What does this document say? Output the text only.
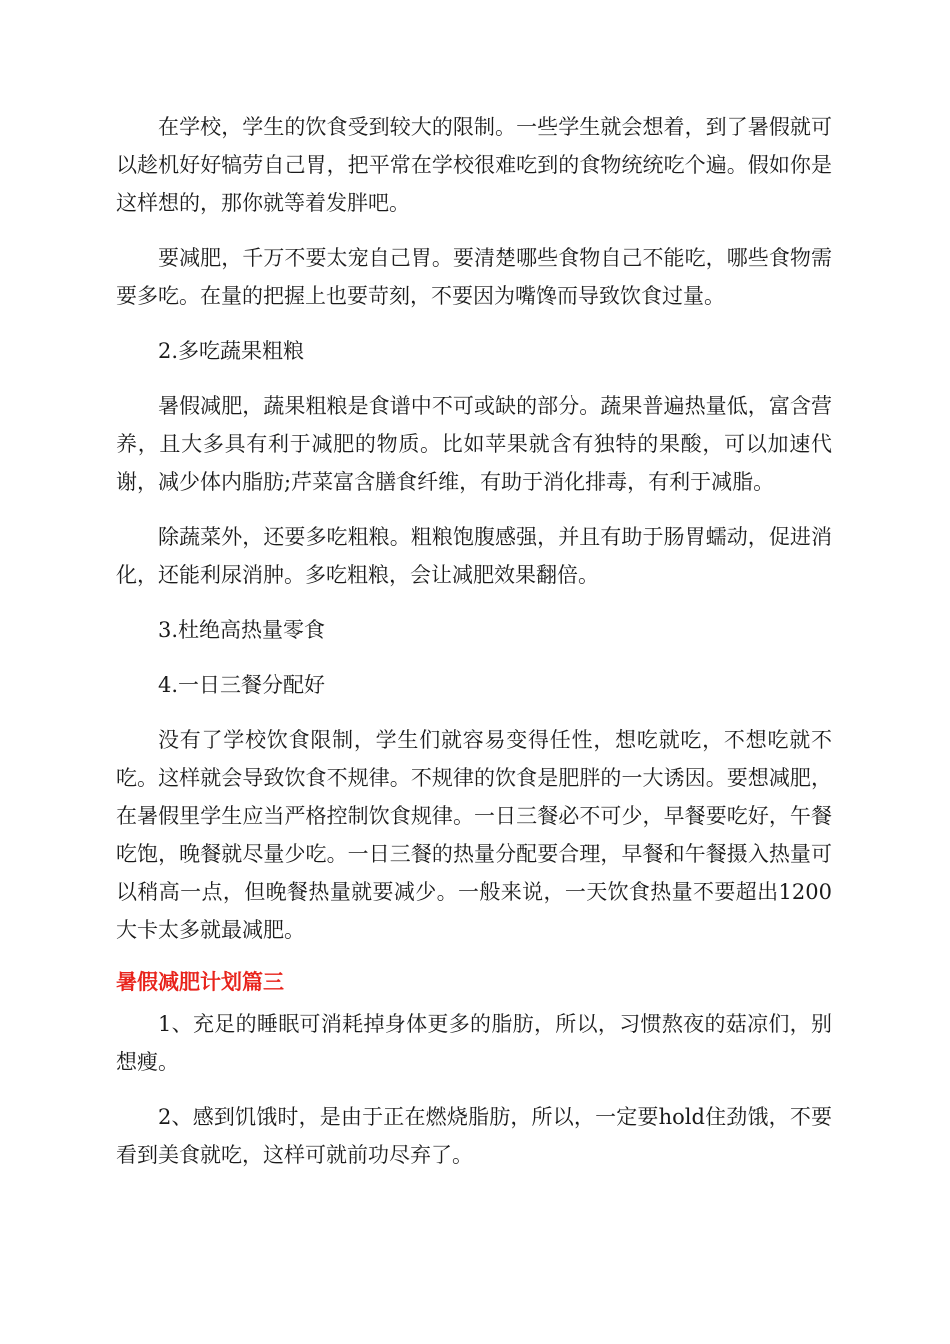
在学校，学生的饮食受到较大的限制。一些学生就会想着，到了暑假就可以趁机好好犒劳自己胃，把平常在学校很难吃到的食物统统吃个遍。假如你是这样想的，那你就等着发胖吧。

要减肥，千万不要太宠自己胃。要清楚哪些食物自己不能吃，哪些食物需要多吃。在量的把握上也要苛刻，不要因为嘴馋而导致饮食过量。

2.多吃蔬果粗粮

暑假减肥，蔬果粗粮是食谱中不可或缺的部分。蔬果普遍热量低，富含营养，且大多具有利于减肥的物质。比如苹果就含有独特的果酸，可以加速代谢，减少体内脂肪;芹菜富含膳食纤维，有助于消化排毒，有利于减脂。

除蔬菜外，还要多吃粗粮。粗粮饱腹感强，并且有助于肠胃蠕动，促进消化，还能利尿消肿。多吃粗粮，会让减肥效果翻倍。

3.杜绝高热量零食

4.一日三餐分配好

没有了学校饮食限制，学生们就容易变得任性，想吃就吃，不想吃就不吃。这样就会导致饮食不规律。不规律的饮食是肥胖的一大诱因。要想减肥，在暑假里学生应当严格控制饮食规律。一日三餐必不可少，早餐要吃好，午餐吃饱，晚餐就尽量少吃。一日三餐的热量分配要合理，早餐和午餐摄入热量可以稍高一点，但晚餐热量就要减少。一般来说，一天饮食热量不要超出1200大卡太多就最减肥。

暑假减肥计划篇三

1、充足的睡眠可消耗掉身体更多的脂肪，所以，习惯熬夜的菇凉们，别想瘦。

2、感到饥饿时，是由于正在燃烧脂肪，所以，一定要hold住劲饿，不要看到美食就吃，这样可就前功尽弃了。
